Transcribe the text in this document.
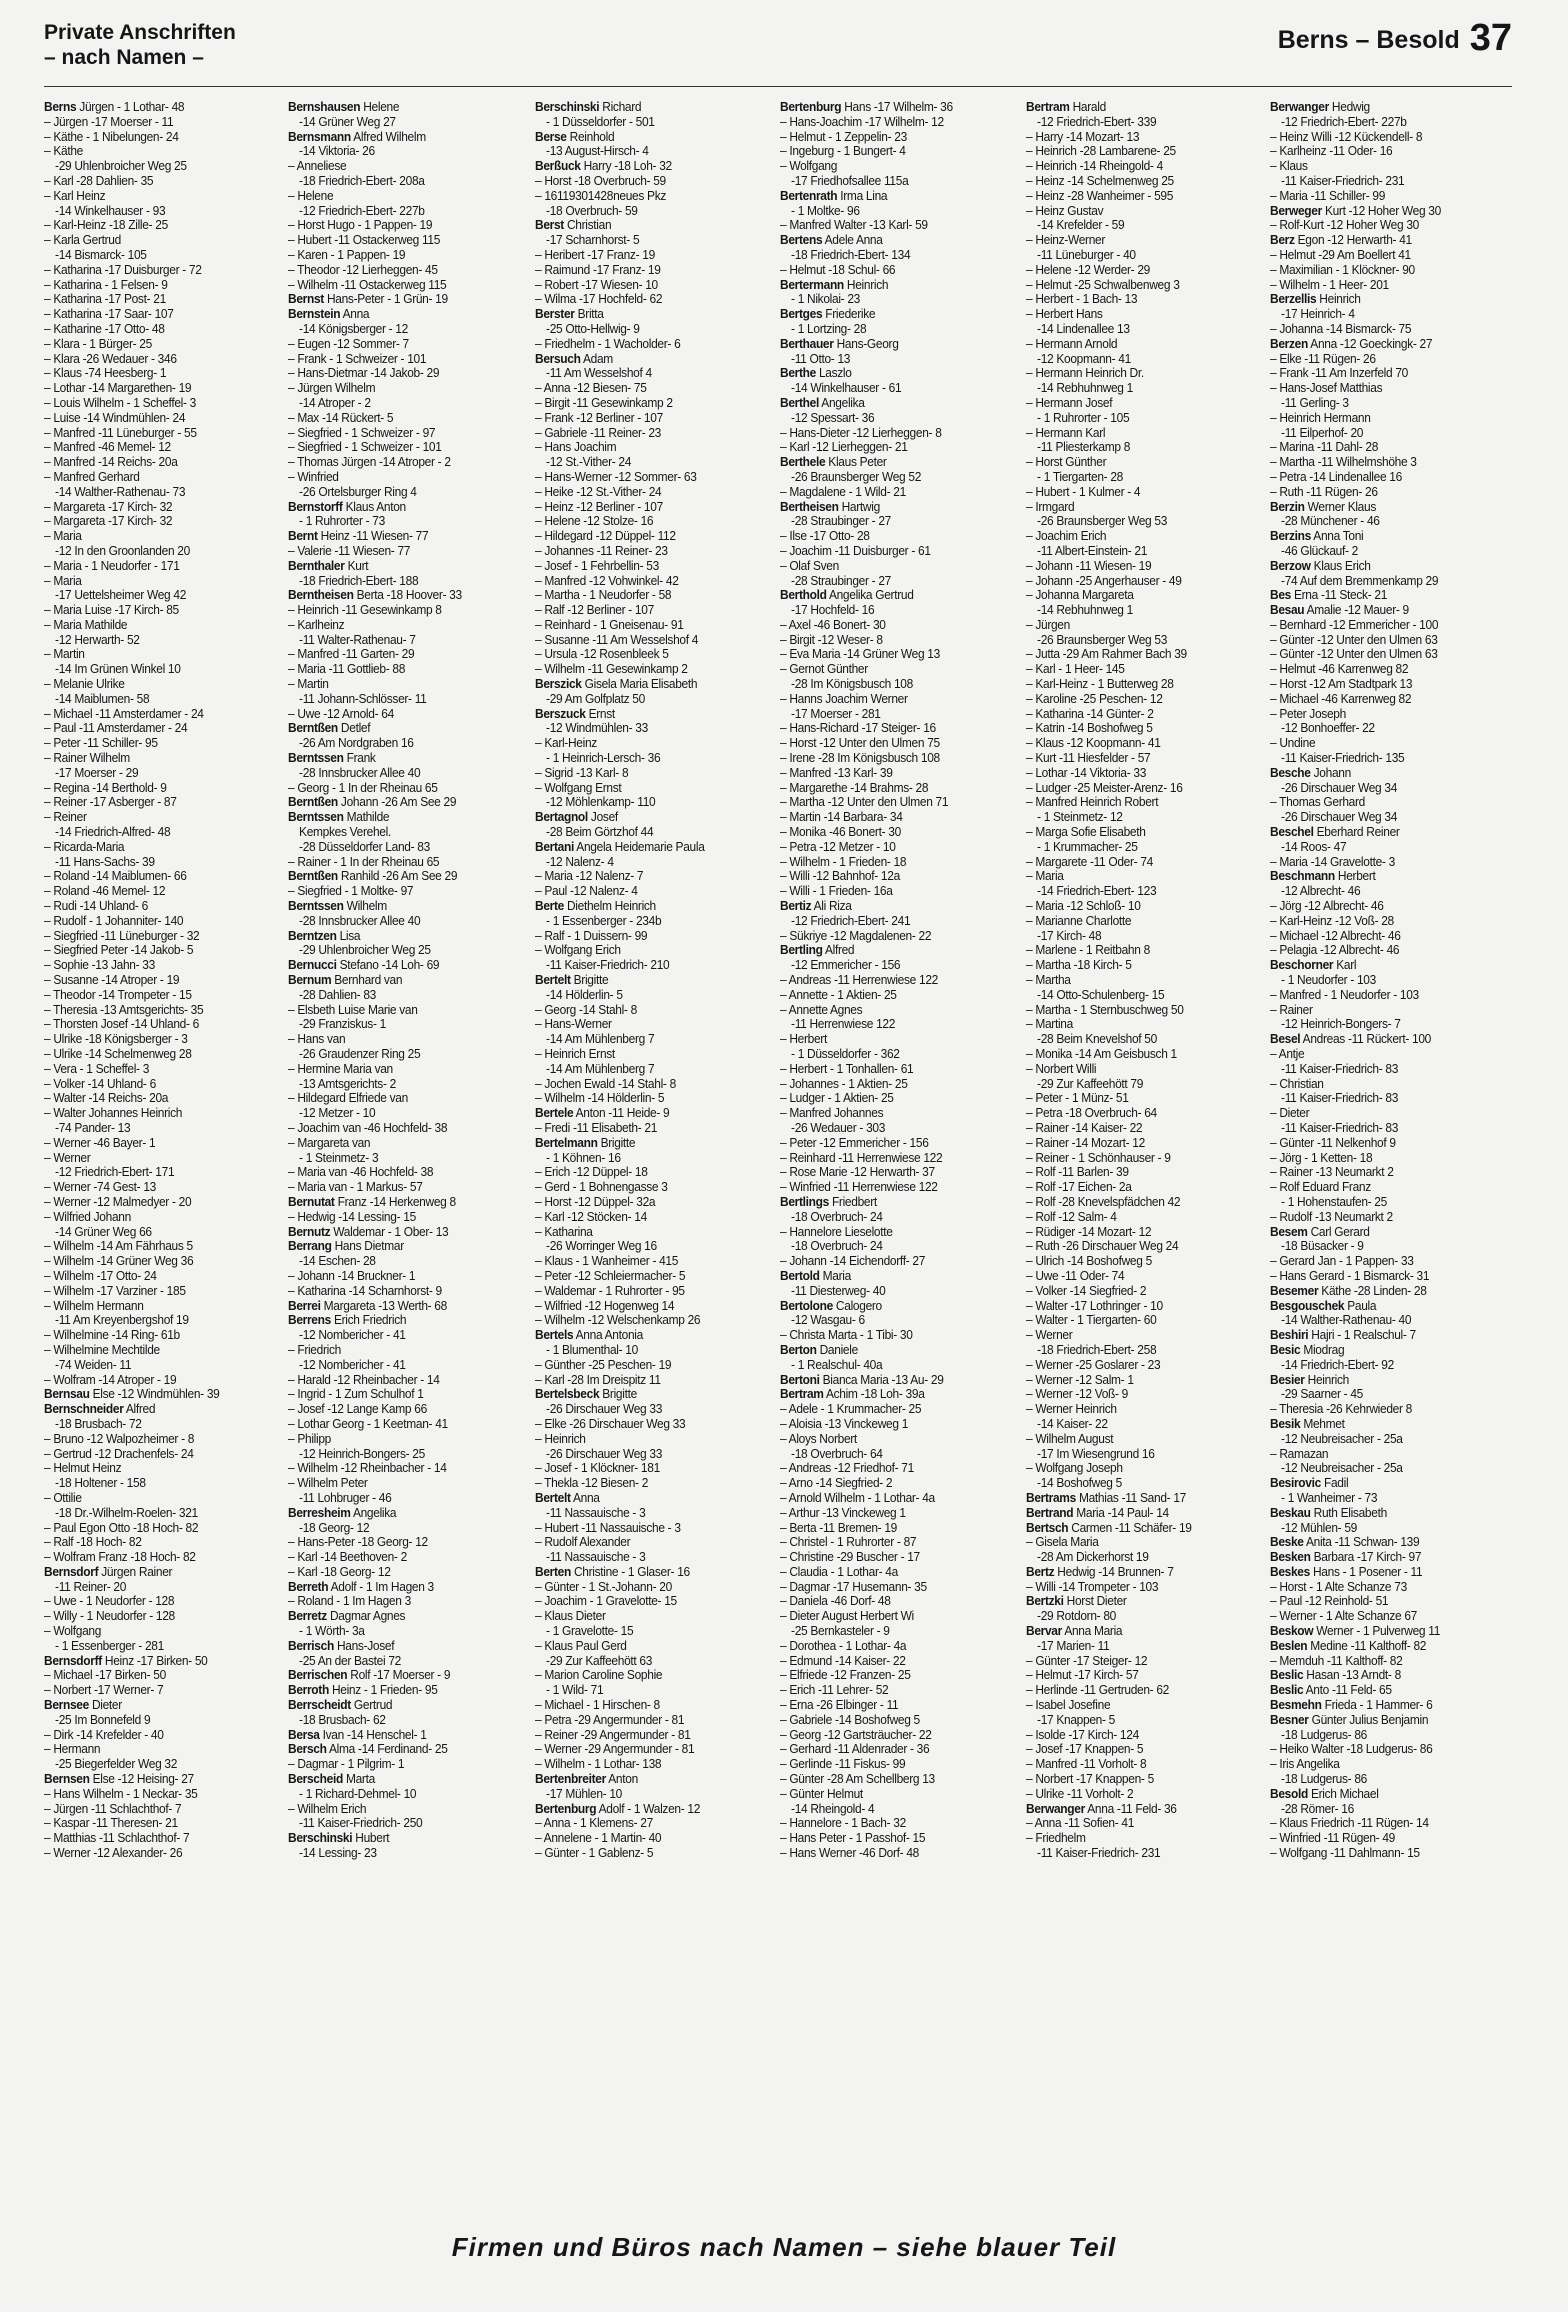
Private Anschriften
– nach Namen –
Berns – Besold 37
Berns Jürgen - 1 Lothar- 48
– Jürgen -17 Moerser - 11
– Käthe - 1 Nibelungen- 24
– Käthe
-29 Uhlenbroicher Weg 25
– Karl -28 Dahlien- 35
– Karl Heinz
-14 Winkelhauser - 93
– Karl-Heinz -18 Zille- 25
– Karla Gertrud
-14 Bismarck- 105
– Katharina -17 Duisburger - 72
– Katharina - 1 Felsen- 9
– Katharina -17 Post- 21
– Katharina -17 Saar- 107
– Katharine -17 Otto- 48
– Klara - 1 Bürger- 25
– Klara -26 Wedauer - 346
– Klaus -74 Heesberg- 1
– Lothar -14 Margarethen- 19
– Louis Wilhelm - 1 Scheffel- 3
– Luise -14 Windmühlen- 24
– Manfred -11 Lüneburger - 55
– Manfred -46 Memel- 12
– Manfred -14 Reichs- 20a
– Manfred Gerhard
-14 Walther-Rathenau- 73
– Margareta -17 Kirch- 32
– Margareta -17 Kirch- 32
– Maria
-12 In den Groonlanden 20
– Maria - 1 Neudorfer - 171
– Maria
-17 Uettelsheimer Weg 42
– Maria Luise -17 Kirch- 85
– Maria Mathilde
-12 Herwarth- 52
– Martin
-14 Im Grünen Winkel 10
– Melanie Ulrike
-14 Maiblumen- 58
– Michael -11 Amsterdamer - 24
– Paul -11 Amsterdamer - 24
– Peter -11 Schiller- 95
– Rainer Wilhelm
-17 Moerser - 29
– Regina -14 Berthold- 9
– Reiner -17 Asberger - 87
– Reiner
-14 Friedrich-Alfred- 48
– Ricarda-Maria
-11 Hans-Sachs- 39
– Roland -14 Maiblumen- 66
– Roland -46 Memel- 12
– Rudi -14 Uhland- 6
– Rudolf - 1 Johanniter- 140
– Siegfried -11 Lüneburger - 32
– Siegfried Peter -14 Jakob- 5
– Sophie -13 Jahn- 33
– Susanne -14 Atroper - 19
– Theodor -14 Trompeter - 15
– Theresia -13 Amtsgerichts- 35
– Thorsten Josef -14 Uhland- 6
– Ulrike -18 Königsberger - 3
– Ulrike -14 Schelmenweg 28
– Vera - 1 Scheffel- 3
– Volker -14 Uhland- 6
– Walter -14 Reichs- 20a
– Walter Johannes Heinrich
-74 Pander- 13
– Werner -46 Bayer- 1
– Werner
-12 Friedrich-Ebert- 171
– Werner -74 Gest- 13
– Werner -12 Malmedyer - 20
– Wilfried Johann
-14 Grüner Weg 66
– Wilhelm -14 Am Fährhaus 5
– Wilhelm -14 Grüner Weg 36
– Wilhelm -17 Otto- 24
– Wilhelm -17 Varziner - 185
– Wilhelm Hermann
-11 Am Kreyenbergshof 19
– Wilhelmine -14 Ring- 61b
– Wilhelmine Mechtilde
-74 Weiden- 11
– Wolfram -14 Atroper - 19
Bernsau Else -12 Windmühlen- 39
Bernschneider Alfred
-18 Brusbach- 72
– Bruno -12 Walpozheimer - 8
– Gertrud -12 Drachenfels- 24
– Helmut Heinz
-18 Holtener - 158
– Ottilie
-18 Dr.-Wilhelm-Roelen- 321
– Paul Egon Otto -18 Hoch- 82
– Ralf -18 Hoch- 82
– Wolfram Franz -18 Hoch- 82
Bernsdorf Jürgen Rainer
-11 Reiner- 20
– Uwe - 1 Neudorfer - 128
– Willy - 1 Neudorfer - 128
– Wolfgang
- 1 Essenberger - 281
Bernsdorff Heinz -17 Birken- 50
– Michael -17 Birken- 50
– Norbert -17 Werner- 7
Bernsee Dieter
-25 Im Bonnefeld 9
– Dirk -14 Krefelder - 40
– Hermann
-25 Biegerfelder Weg 32
Bernsen Else -12 Heising- 27
– Hans Wilhelm - 1 Neckar- 35
– Jürgen -11 Schlachthof- 7
– Kaspar -11 Theresen- 21
– Matthias -11 Schlachthof- 7
– Werner -12 Alexander- 26
Bernshausen Helene
-14 Grüner Weg 27
Bernsmann Alfred Wilhelm
-14 Viktoria- 26
– Anneliese
-18 Friedrich-Ebert- 208a
– Helene
-12 Friedrich-Ebert- 227b
– Horst Hugo - 1 Pappen- 19
– Hubert -11 Ostackerweg 115
– Karen - 1 Pappen- 19
– Theodor -12 Lierheggen- 45
– Wilhelm -11 Ostackerweg 115
Bernst Hans-Peter - 1 Grün- 19
Bernstein Anna
-14 Königsberger - 12
– Eugen -12 Sommer- 7
– Frank - 1 Schweizer - 101
– Hans-Dietmar -14 Jakob- 29
– Jürgen Wilhelm
-14 Atroper - 2
– Max -14 Rückert- 5
– Siegfried - 1 Schweizer - 97
– Siegfried - 1 Schweizer - 101
– Thomas Jürgen -14 Atroper - 2
– Winfried
-26 Ortelsburger Ring 4
Bernstorff Klaus Anton
- 1 Ruhrorter - 73
Bernt Heinz -11 Wiesen- 77
– Valerie -11 Wiesen- 77
Bernthaler Kurt
-18 Friedrich-Ebert- 188
Berntheisen Berta -18 Hoover- 33
– Heinrich -11 Gesewinkamp 8
– Karlheinz
-11 Walter-Rathenau- 7
– Manfred -11 Garten- 29
– Maria -11 Gottlieb- 88
– Martin
-11 Johann-Schlösser- 11
– Uwe -12 Arnold- 64
Berntßen Detlef
-26 Am Nordgraben 16
Berntssen Frank
-28 Innsbrucker Allee 40
– Georg - 1 In der Rheinau 65
Berntßen Johann -26 Am See 29
Berntssen Mathilde
Kempkes Verehel.
-28 Düsseldorfer Land- 83
– Rainer - 1 In der Rheinau 65
Berntßen Ranhild -26 Am See 29
– Siegfried - 1 Moltke- 97
Berntssen Wilhelm
-28 Innsbrucker Allee 40
Berntzen Lisa
-29 Uhlenbroicher Weg 25
Bernucci Stefano -14 Loh- 69
Bernum Bernhard van
-28 Dahlien- 83
– Elsbeth Luise Marie van
-29 Franziskus- 1
– Hans van
-26 Graudenzer Ring 25
– Hermine Maria van
-13 Amtsgerichts- 2
– Hildegard Elfriede van
-12 Metzer - 10
– Joachim van -46 Hochfeld- 38
– Margareta van
- 1 Steinmetz- 3
– Maria van -46 Hochfeld- 38
– Maria van - 1 Markus- 57
Bernutat Franz -14 Herkenweg 8
– Hedwig -14 Lessing- 15
Bernutz Waldemar - 1 Ober- 13
Berrang Hans Dietmar
-14 Eschen- 28
– Johann -14 Bruckner- 1
– Katharina -14 Scharnhorst- 9
Berrei Margareta -13 Werth- 68
Berrens Erich Friedrich
-12 Nombericher - 41
– Friedrich
-12 Nombericher - 41
– Harald -12 Rheinbacher - 14
– Ingrid - 1 Zum Schulhof 1
– Josef -12 Lange Kamp 66
– Lothar Georg - 1 Keetman- 41
– Philipp
-12 Heinrich-Bongers- 25
– Wilhelm -12 Rheinbacher - 14
– Wilhelm Peter
-11 Lohbruger - 46
Berresheim Angelika
-18 Georg- 12
– Hans-Peter -18 Georg- 12
– Karl -14 Beethoven- 2
– Karl -18 Georg- 12
Berreth Adolf - 1 Im Hagen 3
– Roland - 1 Im Hagen 3
Berretz Dagmar Agnes
- 1 Wörth- 3a
Berrisch Hans-Josef
-25 An der Bastei 72
Berrischen Rolf -17 Moerser - 9
Berroth Heinz - 1 Frieden- 95
Berrscheidt Gertrud
-18 Brusbach- 62
Bersa Ivan -14 Henschel- 1
Bersch Alma -14 Ferdinand- 25
– Dagmar - 1 Pilgrim- 1
Berscheid Marta
- 1 Richard-Dehmel- 10
– Wilhelm Erich
-11 Kaiser-Friedrich- 250
Berschinski Hubert
-14 Lessing- 23
Berschinski Richard
- 1 Düsseldorfer - 501
Berse Reinhold
-13 August-Hirsch- 4
Berßuck Harry -18 Loh- 32
– Horst -18 Overbruch- 59
– 16119301428neues Pkz
-18 Overbruch- 59
Berst Christian
-17 Scharnhorst- 5
– Heribert -17 Franz- 19
– Raimund -17 Franz- 19
– Robert -17 Wiesen- 10
– Wilma -17 Hochfeld- 62
Berster Britta
-25 Otto-Hellwig- 9
– Friedhelm - 1 Wacholder- 6
Bersuch Adam
-11 Am Wesselshof 4
– Anna -12 Biesen- 75
– Birgit -11 Gesewinkamp 2
– Frank -12 Berliner - 107
– Gabriele -11 Reiner- 23
– Hans Joachim
-12 St.-Vither- 24
– Hans-Werner -12 Sommer- 63
– Heike -12 St.-Vither- 24
– Heinz -12 Berliner - 107
– Helene -12 Stolze- 16
– Hildegard -12 Düppel- 112
– Johannes -11 Reiner- 23
– Josef - 1 Fehrbellin- 53
– Manfred -12 Vohwinkel- 42
– Martha - 1 Neudorfer - 58
– Ralf -12 Berliner - 107
– Reinhard - 1 Gneisenau- 91
– Susanne -11 Am Wesselshof 4
– Ursula -12 Rosenbleek 5
– Wilhelm -11 Gesewinkamp 2
Berszick Gisela Maria Elisabeth
-29 Am Golfplatz 50
Berszuck Ernst
-12 Windmühlen- 33
– Karl-Heinz
- 1 Heinrich-Lersch- 36
– Sigrid -13 Karl- 8
– Wolfgang Ernst
-12 Möhlenkamp- 110
Bertagnol Josef
-28 Beim Görtzhof 44
Bertani Angela Heidemarie Paula
-12 Nalenz- 4
– Maria -12 Nalenz- 7
– Paul -12 Nalenz- 4
Berte Diethelm Heinrich
- 1 Essenberger - 234b
– Ralf - 1 Duissern- 99
– Wolfgang Erich
-11 Kaiser-Friedrich- 210
Bertelt Brigitte
-14 Hölderlin- 5
– Georg -14 Stahl- 8
– Hans-Werner
-14 Am Mühlenberg 7
– Heinrich Ernst
-14 Am Mühlenberg 7
– Jochen Ewald -14 Stahl- 8
– Wilhelm -14 Hölderlin- 5
Bertele Anton -11 Heide- 9
– Fredi -11 Elisabeth- 21
Bertelmann Brigitte
- 1 Köhnen- 16
– Erich -12 Düppel- 18
– Gerd - 1 Bohnengasse 3
– Horst -12 Düppel- 32a
– Karl -12 Stöcken- 14
– Katharina
-26 Worringer Weg 16
– Klaus - 1 Wanheimer - 415
– Peter -12 Schleiermacher- 5
– Waldemar - 1 Ruhrorter - 95
– Wilfried -12 Hogenweg 14
– Wilhelm -12 Welschenkamp 26
Bertels Anna Antonia
- 1 Blumenthal- 10
– Günther -25 Peschen- 19
– Karl -28 Im Dreispitz 11
Bertelsbeck Brigitte
-26 Dirschauer Weg 33
– Elke -26 Dirschauer Weg 33
– Heinrich
-26 Dirschauer Weg 33
– Josef - 1 Klöckner- 181
– Thekla -12 Biesen- 2
Bertelt Anna
-11 Nassauische - 3
– Hubert -11 Nassauische - 3
– Rudolf Alexander
-11 Nassauische - 3
Berten Christine - 1 Glaser- 16
– Günter - 1 St.-Johann- 20
– Joachim - 1 Gravelotte- 15
– Klaus Dieter
- 1 Gravelotte- 15
– Klaus Paul Gerd
-29 Zur Kaffeehött 63
– Marion Caroline Sophie
- 1 Wild- 71
– Michael - 1 Hirschen- 8
– Petra -29 Angermunder - 81
– Reiner -29 Angermunder - 81
– Werner -29 Angermunder - 81
– Wilhelm - 1 Lothar- 138
Bertenbreiter Anton
-17 Mühlen- 10
Bertenburg Adolf - 1 Walzen- 12
– Anna - 1 Klemens- 27
– Annelene - 1 Martin- 40
– Günter - 1 Gablenz- 5
Bertenburg Hans -17 Wilhelm- 36
– Hans-Joachim -17 Wilhelm- 12
– Helmut - 1 Zeppelin- 23
– Ingeburg - 1 Bungert- 4
– Wolfgang
-17 Friedhofsallee 115a
Bertenrath Irma Lina
- 1 Moltke- 96
– Manfred Walter -13 Karl- 59
Bertens Adele Anna
-18 Friedrich-Ebert- 134
– Helmut -18 Schul- 66
Bertermann Heinrich
- 1 Nikolai- 23
Bertges Friederike
- 1 Lortzing- 28
Berthauer Hans-Georg
-11 Otto- 13
Berthe Laszlo
-14 Winkelhauser - 61
Berthel Angelika
-12 Spessart- 36
– Hans-Dieter -12 Lierheggen- 8
– Karl -12 Lierheggen- 21
Berthele Klaus Peter
-26 Braunsberger Weg 52
– Magdalene - 1 Wild- 21
Bertheisen Hartwig
-28 Straubinger - 27
– Ilse -17 Otto- 28
– Joachim -11 Duisburger - 61
– Olaf Sven
-28 Straubinger - 27
Berthold Angelika Gertrud
-17 Hochfeld- 16
– Axel -46 Bonert- 30
– Birgit -12 Weser- 8
– Eva Maria -14 Grüner Weg 13
– Gernot Günther
-28 Im Königsbusch 108
– Hanns Joachim Werner
-17 Moerser - 281
– Hans-Richard -17 Steiger- 16
– Horst -12 Unter den Ulmen 75
– Irene -28 Im Königsbusch 108
– Manfred -13 Karl- 39
– Margarethe -14 Brahms- 28
– Martha -12 Unter den Ulmen 71
– Martin -14 Barbara- 34
– Monika -46 Bonert- 30
– Petra -12 Metzer - 10
– Wilhelm - 1 Frieden- 18
– Willi -12 Bahnhof- 12a
– Willi - 1 Frieden- 16a
Bertiz Ali Riza
-12 Friedrich-Ebert- 241
– Sükriye -12 Magdalenen- 22
Bertling Alfred
-12 Emmericher - 156
– Andreas -11 Herrenwiese 122
– Annette - 1 Aktien- 25
– Annette Agnes
-11 Herrenwiese 122
– Herbert
- 1 Düsseldorfer - 362
– Herbert - 1 Tonhallen- 61
– Johannes - 1 Aktien- 25
– Ludger - 1 Aktien- 25
– Manfred Johannes
-26 Wedauer - 303
– Peter -12 Emmericher - 156
– Reinhard -11 Herrenwiese 122
– Rose Marie -12 Herwarth- 37
– Winfried -11 Herrenwiese 122
Bertlings Friedbert
-18 Overbruch- 24
– Hannelore Lieselotte
-18 Overbruch- 24
– Johann -14 Eichendorff- 27
Bertold Maria
-11 Diesterweg- 40
Bertolone Calogero
-12 Wasgau- 6
– Christa Marta - 1 Tibi- 30
Berton Daniele
- 1 Realschul- 40a
Bertoni Bianca Maria -13 Au- 29
Bertram Achim -18 Loh- 39a
– Adele - 1 Krummacher- 25
– Aloisia -13 Vinckeweg 1
– Aloys Norbert
-18 Overbruch- 64
– Andreas -12 Friedhof- 71
– Arno -14 Siegfried- 2
– Arnold Wilhelm - 1 Lothar- 4a
– Arthur -13 Vinckeweg 1
– Berta -11 Bremen- 19
– Christel - 1 Ruhrorter - 87
– Christine -29 Buscher - 17
– Claudia - 1 Lothar- 4a
– Dagmar -17 Husemann- 35
– Daniela -46 Dorf- 48
– Dieter August Herbert Wi
-25 Bernkasteler - 9
– Dorothea - 1 Lothar- 4a
– Edmund -14 Kaiser- 22
– Elfriede -12 Franzen- 25
– Erich -11 Lehrer- 52
– Erna -26 Elbinger - 11
– Gabriele -14 Boshofweg 5
– Georg -12 Gartsträucher- 22
– Gerhard -11 Aldenrader - 36
– Gerlinde -11 Fiskus- 99
– Günter -28 Am Schellberg 13
– Günter Helmut
-14 Rheingold- 4
– Hannelore - 1 Bach- 32
– Hans Peter - 1 Passhof- 15
– Hans Werner -46 Dorf- 48
Bertram Harald
-12 Friedrich-Ebert- 339
– Harry -14 Mozart- 13
– Heinrich -28 Lambarene- 25
– Heinrich -14 Rheingold- 4
– Heinz -14 Schelmenweg 25
– Heinz -28 Wanheimer - 595
– Heinz Gustav
-14 Krefelder - 59
– Heinz-Werner
-11 Lüneburger - 40
– Helene -12 Werder- 29
– Helmut -25 Schwalbenweg 3
– Herbert - 1 Bach- 13
– Herbert Hans
-14 Lindenallee 13
– Hermann Arnold
-12 Koopmann- 41
– Hermann Heinrich Dr.
-14 Rebhuhnweg 1
– Hermann Josef
- 1 Ruhrorter - 105
– Hermann Karl
-11 Pliesterkamp 8
– Horst Günther
- 1 Tiergarten- 28
– Hubert - 1 Kulmer - 4
– Irmgard
-26 Braunsberger Weg 53
– Joachim Erich
-11 Albert-Einstein- 21
– Johann -11 Wiesen- 19
– Johann -25 Angerhauser - 49
– Johanna Margareta
-14 Rebhuhnweg 1
– Jürgen
-26 Braunsberger Weg 53
– Jutta -29 Am Rahmer Bach 39
– Karl - 1 Heer- 145
– Karl-Heinz - 1 Butterweg 28
– Karoline -25 Peschen- 12
– Katharina -14 Günter- 2
– Katrin -14 Boshofweg 5
– Klaus -12 Koopmann- 41
– Kurt -11 Hiesfelder - 57
– Lothar -14 Viktoria- 33
– Ludger -25 Meister-Arenz- 16
– Manfred Heinrich Robert
- 1 Steinmetz- 12
– Marga Sofie Elisabeth
- 1 Krummacher- 25
– Margarete -11 Oder- 74
– Maria
-14 Friedrich-Ebert- 123
– Maria -12 Schloß- 10
– Marianne Charlotte
-17 Kirch- 48
– Marlene - 1 Reitbahn 8
– Martha -18 Kirch- 5
– Martha
-14 Otto-Schulenberg- 15
– Martha - 1 Sternbuschweg 50
– Martina
-28 Beim Knevelshof 50
– Monika -14 Am Geisbusch 1
– Norbert Willi
-29 Zur Kaffeehött 79
– Peter - 1 Münz- 51
– Petra -18 Overbruch- 64
– Rainer -14 Kaiser- 22
– Rainer -14 Mozart- 12
– Reiner - 1 Schönhauser - 9
– Rolf -11 Barlen- 39
– Rolf -17 Eichen- 2a
– Rolf -28 Knevelspfädchen 42
– Rolf -12 Salm- 4
– Rüdiger -14 Mozart- 12
– Ruth -26 Dirschauer Weg 24
– Ulrich -14 Boshofweg 5
– Uwe -11 Oder- 74
– Volker -14 Siegfried- 2
– Walter -17 Lothringer - 10
– Walter - 1 Tiergarten- 60
– Werner
-18 Friedrich-Ebert- 258
– Werner -25 Goslarer - 23
– Werner -12 Salm- 1
– Werner -12 Voß- 9
– Werner Heinrich
-14 Kaiser- 22
– Wilhelm August
-17 Im Wiesengrund 16
– Wolfgang Joseph
-14 Boshofweg 5
Bertrams Mathias -11 Sand- 17
Bertrand Maria -14 Paul- 14
Bertsch Carmen -11 Schäfer- 19
– Gisela Maria
-28 Am Dickerhorst 19
Bertz Hedwig -14 Brunnen- 7
– Willi -14 Trompeter - 103
Bertzki Horst Dieter
-29 Rotdorn- 80
Bervar Anna Maria
-17 Marien- 11
– Günter -17 Steiger- 12
– Helmut -17 Kirch- 57
– Herlinde -11 Gertruden- 62
– Isabel Josefine
-17 Knappen- 5
– Isolde -17 Kirch- 124
– Josef -17 Knappen- 5
– Manfred -11 Vorholt- 8
– Norbert -17 Knappen- 5
– Ulrike -11 Vorholt- 2
Berwanger Anna -11 Feld- 36
– Anna -11 Sofien- 41
– Friedhelm
-11 Kaiser-Friedrich- 231
Berwanger Hedwig
-12 Friedrich-Ebert- 227b
– Heinz Willi -12 Kückendell- 8
– Karlheinz -11 Oder- 16
– Klaus
-11 Kaiser-Friedrich- 231
– Maria -11 Schiller- 99
Berweger Kurt -12 Hoher Weg 30
– Rolf-Kurt -12 Hoher Weg 30
Berz Egon -12 Herwarth- 41
– Helmut -29 Am Boellert 41
– Maximilian - 1 Klöckner- 90
– Wilhelm - 1 Heer- 201
Berzellis Heinrich
-17 Heinrich- 4
– Johanna -14 Bismarck- 75
Berzen Anna -12 Goeckingk- 27
– Elke -11 Rügen- 26
– Frank -11 Am Inzerfeld 70
– Hans-Josef Matthias
-11 Gerling- 3
– Heinrich Hermann
-11 Eilperhof- 20
– Marina -11 Dahl- 28
– Martha -11 Wilhelmshöhe 3
– Petra -14 Lindenallee 16
– Ruth -11 Rügen- 26
Berzin Werner Klaus
-28 Münchener - 46
Berzins Anna Toni
-46 Glückauf- 2
Berzow Klaus Erich
-74 Auf dem Bremmenkamp 29
Bes Erna -11 Steck- 21
Besau Amalie -12 Mauer- 9
– Bernhard -12 Emmericher - 100
– Günter -12 Unter den Ulmen 63
– Günter -12 Unter den Ulmen 63
– Helmut -46 Karrenweg 82
– Horst -12 Am Stadtpark 13
– Michael -46 Karrenweg 82
– Peter Joseph
-12 Bonhoeffer- 22
– Undine
-11 Kaiser-Friedrich- 135
Besche Johann
-26 Dirschauer Weg 34
– Thomas Gerhard
-26 Dirschauer Weg 34
Beschel Eberhard Reiner
-14 Roos- 47
– Maria -14 Gravelotte- 3
Beschmann Herbert
-12 Albrecht- 46
– Jörg -12 Albrecht- 46
– Karl-Heinz -12 Voß- 28
– Michael -12 Albrecht- 46
– Pelagia -12 Albrecht- 46
Beschorner Karl
- 1 Neudorfer - 103
– Manfred - 1 Neudorfer - 103
– Rainer
-12 Heinrich-Bongers- 7
Besel Andreas -11 Rückert- 100
– Antje
-11 Kaiser-Friedrich- 83
– Christian
-11 Kaiser-Friedrich- 83
– Dieter
-11 Kaiser-Friedrich- 83
– Günter -11 Nelkenhof 9
– Jörg - 1 Ketten- 18
– Rainer -13 Neumarkt 2
– Rolf Eduard Franz
- 1 Hohenstaufen- 25
– Rudolf -13 Neumarkt 2
Besem Carl Gerard
-18 Büsacker - 9
– Gerard Jan - 1 Pappen- 33
– Hans Gerard - 1 Bismarck- 31
Besemer Käthe -28 Linden- 28
Besgouschek Paula
-14 Walther-Rathenau- 40
Beshiri Hajri - 1 Realschul- 7
Besic Miodrag
-14 Friedrich-Ebert- 92
Besier Heinrich
-29 Saarner - 45
– Theresia -26 Kehrwieder 8
Besik Mehmet
-12 Neubreisacher - 25a
– Ramazan
-12 Neubreisacher - 25a
Besirovic Fadil
- 1 Wanheimer - 73
Beskau Ruth Elisabeth
-12 Mühlen- 59
Beske Anita -11 Schwan- 139
Besken Barbara -17 Kirch- 97
Beskes Hans - 1 Posener - 11
– Horst - 1 Alte Schanze 73
– Paul -12 Reinhold- 51
– Werner - 1 Alte Schanze 67
Beskow Werner - 1 Pulverweg 11
Beslen Medine -11 Kalthoff- 82
– Memduh -11 Kalthoff- 82
Beslic Hasan -13 Arndt- 8
Beslic Anto -11 Feld- 65
Besmehn Frieda - 1 Hammer- 6
Besner Günter Julius Benjamin
-18 Ludgerus- 86
– Heiko Walter -18 Ludgerus- 86
– Iris Angelika
-18 Ludgerus- 86
Besold Erich Michael
-28 Römer- 16
– Klaus Friedrich -11 Rügen- 14
– Winfried -11 Rügen- 49
– Wolfgang -11 Dahlmann- 15
Firmen und Büros nach Namen – siehe blauer Teil
